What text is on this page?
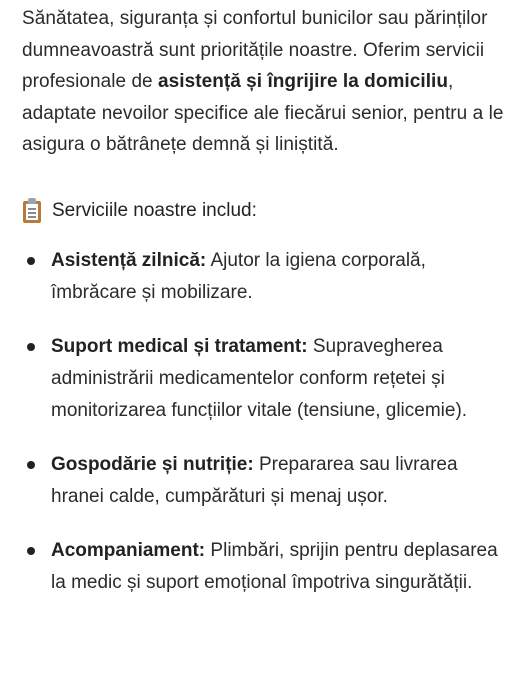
Sănătatea, siguranța și confortul bunicilor sau părinților dumneavoastră sunt prioritățile noastre. Oferim servicii profesionale de asistență și îngrijire la domiciliu, adaptate nevoilor specifice ale fiecărui senior, pentru a le asigura o bătrânețe demnă și liniștită.

Serviciile noastre includ:
Asistență zilnică: Ajutor la igiena corporală, îmbrăcare și mobilizare.
Suport medical și tratament: Supravegherea administrării medicamentelor conform rețetei și monitorizarea funcțiilor vitale (tensiune, glicemie).
Gospodărie și nutriție: Prepararea sau livrarea hranei calde, cumpărături și menaj ușor.
Acompaniament: Plimbări, sprijin pentru deplasarea la medic și suport emoțional împotriva singurătății.
